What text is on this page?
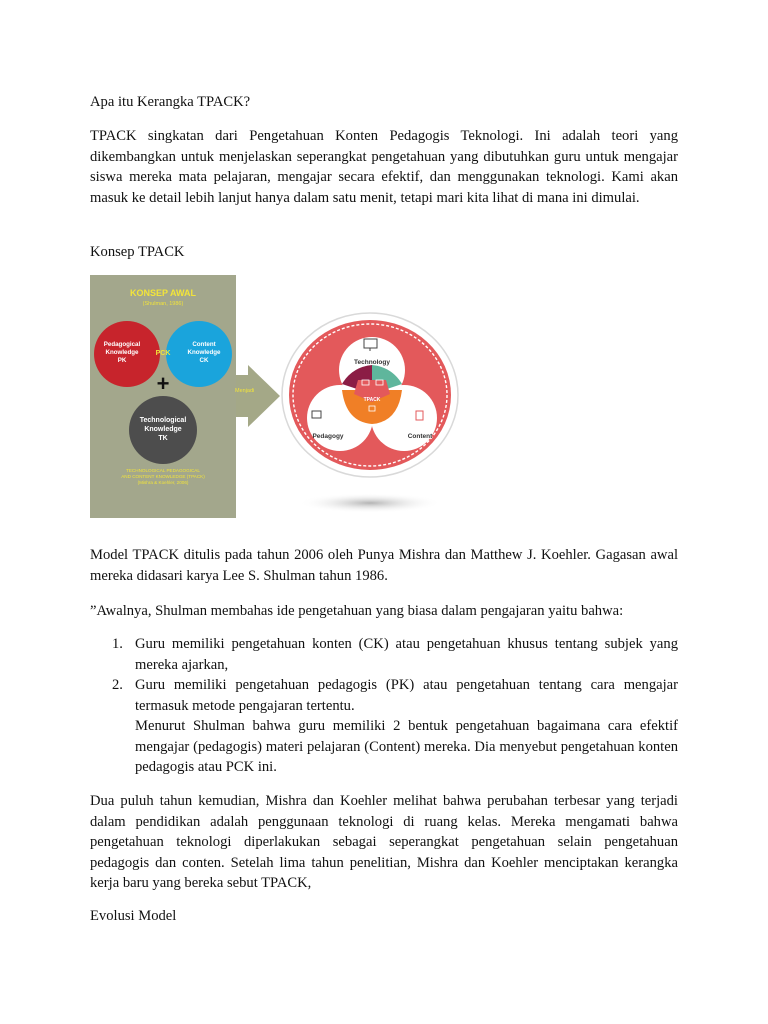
Apa itu Kerangka TPACK?
TPACK singkatan dari Pengetahuan Konten Pedagogis Teknologi. Ini adalah teori yang dikembangkan untuk menjelaskan seperangkat pengetahuan yang dibutuhkan guru untuk mengajar siswa mereka mata pelajaran, mengajar secara efektif, dan menggunakan teknologi. Kami akan masuk ke detail lebih lanjut hanya dalam satu menit, tetapi mari kita lihat di mana ini dimulai.
Konsep TPACK
KONSEP AWAL
(Shulman, 1986)
Pedagogical
Knowledge
PK
Content
Knowledge
CK
PCK
+
Technological
Knowledge
TK
TECHNOLOGICAL PEDAGOGICAL
AND CONTENT KNOWLEDGE (TPACK)
(Mishra & Koehler, 2006)
Menjadi
Technology
Pedagogy	Content
TPACK
Model TPACK ditulis pada tahun 2006 oleh Punya Mishra dan Matthew J. Koehler. Gagasan awal mereka didasari karya Lee S. Shulman tahun 1986.
”Awalnya, Shulman membahas ide pengetahuan yang biasa dalam pengajaran yaitu bahwa:
1. Guru memiliki pengetahuan konten (CK) atau pengetahuan khusus tentang subjek yang mereka ajarkan,
2. Guru memiliki pengetahuan pedagogis (PK) atau pengetahuan tentang cara mengajar termasuk metode pengajaran tertentu.
Menurut Shulman bahwa guru memiliki 2 bentuk pengetahuan bagaimana cara efektif mengajar (pedagogis) materi pelajaran (Content) mereka. Dia menyebut pengetahuan konten pedagogis atau PCK ini.
Dua puluh tahun kemudian, Mishra dan Koehler melihat bahwa perubahan terbesar yang terjadi dalam pendidikan adalah penggunaan teknologi di ruang kelas. Mereka mengamati bahwa pengetahuan teknologi diperlakukan sebagai seperangkat pengetahuan selain pengetahuan pedagogis dan conten. Setelah lima tahun penelitian, Mishra dan Koehler menciptakan kerangka kerja baru yang bereka sebut TPACK,
Evolusi Model
